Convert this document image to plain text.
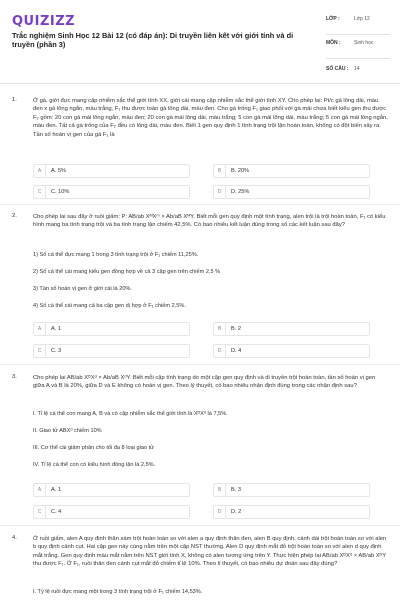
QUIZIZZ
Trắc nghiệm Sinh Học 12 Bài 12 (có đáp án): Di truyền liên kết với giới tính và di truyền (phần 3)
LỚP :	Lớp 12
MÔN :	Sinh học
SỐ CÂU :	14
1.	Ở gà, giới đực mang cặp nhiễm sắc thể giới tính XX, giới cái mang cặp nhiễm sắc thể giới tính XY. Cho phép lai: Pt/c gà lông dài, màu đen x gà lông ngắn, màu trắng, F₁ thu được toàn gà lông dài, màu đen. Cho gà trống F₁ giao phối với gà mái chưa biết kiểu gen thu được F₂ gồm: 20 con gà mái lông ngắn, màu đen; 20 con gà mái lông dài, màu trắng; 5 con gà mái lông dài, màu trắng; 5 con gà mái lông ngắn, màu đen. Tất cả gà trống của F₂ đều có lông dài, màu đen. Biết 1 gen quy định 1 tính trạng trội lặn hoàn toàn, không có đột biến xảy ra. Tần số hoán vị gen của gà F₁ là
A	A. 5%	B	B. 20%
C	C. 10%	D	D. 25%
2.	Cho phép lai sau đây ở ruồi giấm: P: AB/ab XᴹXᵐ × Ab/aB XᴹY. Biết mỗi gen quy định một tính trạng, alen trội là trội hoàn toàn, F₁ có kiểu hình mang ba tính trạng trội và ba tính trạng lặn chiếm 42,5%. Có bao nhiêu kết luận đúng trong số các kết luận sau đây?
1) Số cá thể đực mang 1 trong 3 tính trạng trội ở F₁ chiếm 11,25%.
2) Số cá thể cái mang kiểu gen đồng hợp về cả 3 cặp gen trên chiếm 2,5 %
3) Tần số hoán vị gen ở giới cái là 20%.
4) Số cá thể cái mang cả ba cặp gen dị hợp ở F₁ chiếm 2,5%.
A	A. 1	B	B. 2
C	C. 3	D	D. 4
3.	Cho phép lai AB/ab XᴰXᵈ × Ab/aB XᵈY. Biết mỗi cặp tính trạng do một cặp gen quy định và di truyền trội hoàn toàn, tần số hoán vị gen giữa A và B là 20%, giữa D và E không có hoán vị gen. Theo lý thuyết, có bao nhiêu nhận định đúng trong các nhận định sau?
I. Tỉ lệ cá thể con mang A, B và có cặp nhiễm sắc thể giới tính là XᴰXᵈ là 7,5%.
II. Giao tử ABXᵈ chiếm 10%
III. Cơ thể cái giảm phân cho tối đa 8 loại giao tử
IV. Tỉ lệ cá thể con có kiểu hình đồng lặn là 2,5%.
A	A. 1	B	B. 3
C	C. 4	D	D. 2
4.	Ở ruồi giấm, alen A quy định thân xám trội hoàn toàn so với alen a quy định thân đen, alen B quy định, cánh dài trội hoàn toàn so với alen b quy định cánh cụt. Hai cặp gen này cùng nằm trên một cặp NST thường. Alen D quy định mắt đỏ trội hoàn toàn so với alen d quy định mắt trắng. Gen quy định màu mắt nằm trên NST giới tính X, không có alen tương ứng trên Y. Thực hiện phép lai AB/ab XᴰXᵈ × AB/ab XᴰY thu được F₁. Ở F₁, ruồi thân đen cánh cụt mắt đỏ chiếm tỉ lệ 10%. Theo lí thuyết, có bao nhiêu dự đoán sau đây đúng?
I. Tỷ lệ ruồi đực mang một trong 3 tính trạng trội ở F₁ chiếm 14,53%.
